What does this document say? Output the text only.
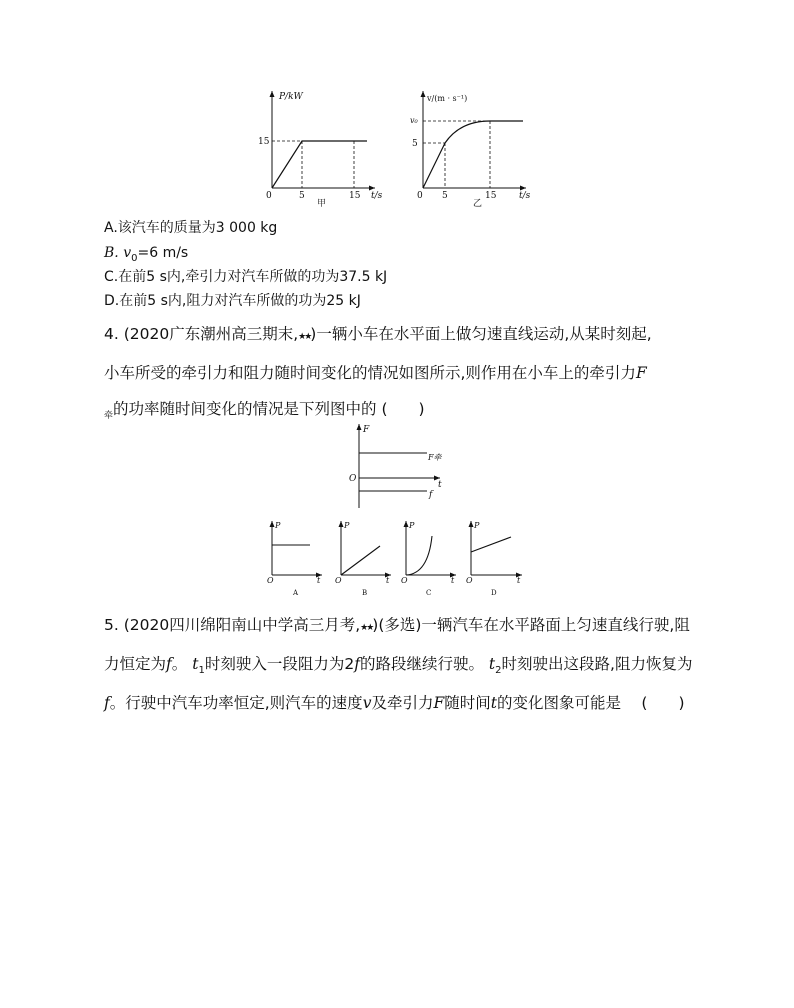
P/kW
15
0	5	15 t/s
甲
v/(m · s⁻¹)
v₀
5
0 5	15	t/s
乙
A.该汽车的质量为3 000 kg
B. $v_0=6$ m/s
C.在前5 s内,牵引力对汽车所做的功为37.5 kJ
D.在前5 s内,阻力对汽车所做的功为25 kJ
4. (2020广东潮州高三期末,★★)一辆小车在水平面上做匀速直线运动,从某时刻起,
小车所受的牵引力和阻力随时间变化的情况如图所示,则作用在小车上的牵引力F
$_牵$的功率随时间变化的情况是下列图中的 (　　)
F
O
t
F牵
f
P
O	t
A
P
O	t
B
P
O	t
C
P
O	t
D
5. (2020四川绵阳南山中学高三月考,★★)(多选)一辆汽车在水平路面上匀速直线行驶,阻力恒定为f。 $t_1$时刻驶入一段阻力为2f的路段继续行驶。 $t_2$时刻驶出这段路,阻力恢复为f。行驶中汽车功率恒定,则汽车的速度v及牵引力F随时间t的变化图象可能是　 (　　)
